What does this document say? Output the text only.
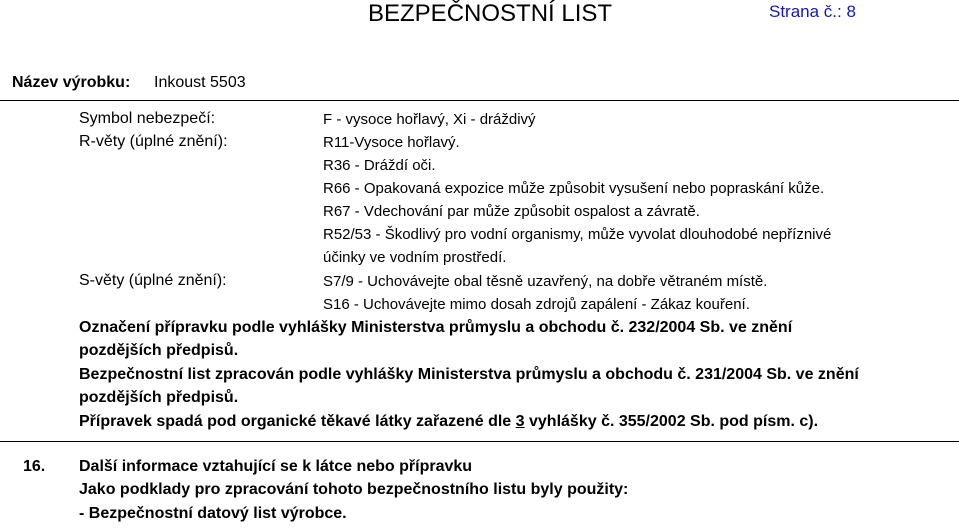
BEZPEČNOSTNÍ LIST	Strana č.: 8
Název výrobku: Inkoust 5503
Symbol nebezpečí:	F - vysoce hořlavý, Xi - dráždivý
R-věty (úplné znění):	R11-Vysoce hořlavý.
R36 - Dráždí oči.
R66 - Opakovaná expozice může způsobit vysušení nebo popraskání kůže.
R67 - Vdechování par může způsobit ospalost a závratě.
R52/53 - Škodlivý pro vodní organismy, může vyvolat dlouhodobé nepříznivé
účinky ve vodním prostředí.
S-věty (úplné znění):	S7/9 - Uchovávejte obal těsně uzavřený, na dobře větraném místě.
S16 - Uchovávejte mimo dosah zdrojů zapálení - Zákaz kouření.
Označení přípravku podle vyhlášky Ministerstva průmyslu a obchodu č. 232/2004 Sb. ve znění
pozdějších předpisů.
Bezpečnostní list zpracován podle vyhlášky Ministerstva průmyslu a obchodu č. 231/2004 Sb. ve znění
pozdějších předpisů.
Přípravek spadá pod organické těkavé látky zařazené dle 3 vyhlášky č. 355/2002 Sb. pod písm. c).
16. Další informace vztahující se k látce nebo přípravku
Jako podklady pro zpracování tohoto bezpečnostního listu byly použity:
- Bezpečnostní datový list výrobce.
